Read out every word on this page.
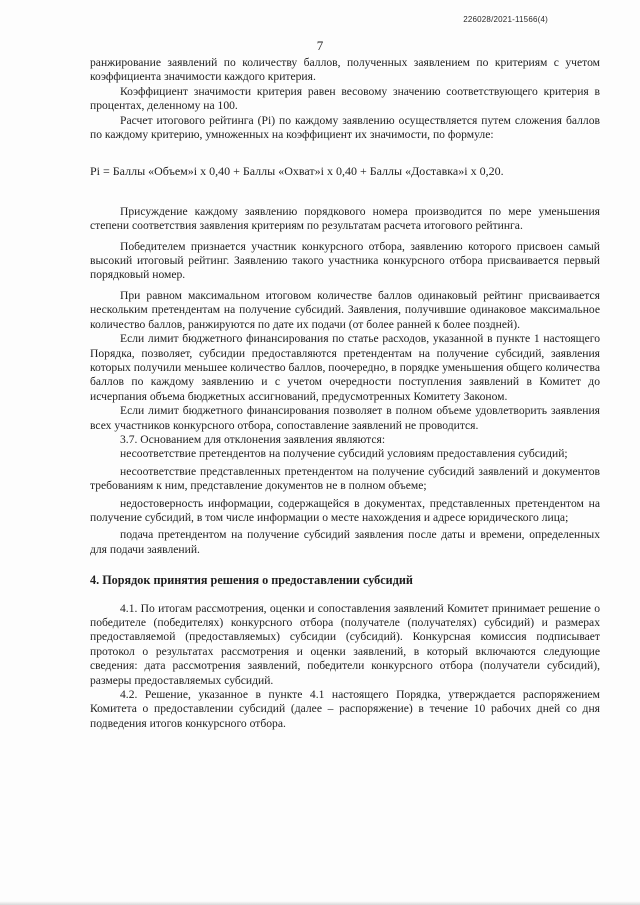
226028/2021-11566(4)
7

ранжирование заявлений по количеству баллов, полученных заявлением по критериям с учетом коэффициента значимости каждого критерия.

Коэффициент значимости критерия равен весовому значению соответствующего критерия в процентах, деленному на 100.

Расчет итогового рейтинга (Pi) по каждому заявлению осуществляется путем сложения баллов по каждому критерию, умноженных на коэффициент их значимости, по формуле:

Pi = Баллы «Объем»i х 0,40 + Баллы «Охват»i х 0,40 + Баллы «Доставка»i х 0,20.

Присуждение каждому заявлению порядкового номера производится по мере уменьшения степени соответствия заявления критериям по результатам расчета итогового рейтинга.

Победителем признается участник конкурсного отбора, заявлению которого присвоен самый высокий итоговый рейтинг. Заявлению такого участника конкурсного отбора присваивается первый порядковый номер.

При равном максимальном итоговом количестве баллов одинаковый рейтинг присваивается нескольким претендентам на получение субсидий. Заявления, получившие одинаковое максимальное количество баллов, ранжируются по дате их подачи (от более ранней к более поздней).

Если лимит бюджетного финансирования по статье расходов, указанной в пункте 1 настоящего Порядка, позволяет, субсидии предоставляются претендентам на получение субсидий, заявления которых получили меньшее количество баллов, поочередно, в порядке уменьшения общего количества баллов по каждому заявлению и с учетом очередности поступления заявлений в Комитет до исчерпания объема бюджетных ассигнований, предусмотренных Комитету Законом.

Если лимит бюджетного финансирования позволяет в полном объеме удовлетворить заявления всех участников конкурсного отбора, сопоставление заявлений не проводится.

3.7. Основанием для отклонения заявления являются:

несоответствие претендентов на получение субсидий условиям предоставления субсидий;

несоответствие представленных претендентом на получение субсидий заявлений и документов требованиям к ним, представление документов не в полном объеме;

недостоверность информации, содержащейся в документах, представленных претендентом на получение субсидий, в том числе информации о месте нахождения и адресе юридического лица;

подача претендентом на получение субсидий заявления после даты и времени, определенных для подачи заявлений.

4. Порядок принятия решения о предоставлении субсидий

4.1. По итогам рассмотрения, оценки и сопоставления заявлений Комитет принимает решение о победителе (победителях) конкурсного отбора (получателе (получателях) субсидий) и размерах предоставляемой (предоставляемых) субсидии (субсидий). Конкурсная комиссия подписывает протокол о результатах рассмотрения и оценки заявлений, в который включаются следующие сведения: дата рассмотрения заявлений, победители конкурсного отбора (получатели субсидий), размеры предоставляемых субсидий.

4.2. Решение, указанное в пункте 4.1 настоящего Порядка, утверждается распоряжением Комитета о предоставлении субсидий (далее – распоряжение) в течение 10 рабочих дней со дня подведения итогов конкурсного отбора.
